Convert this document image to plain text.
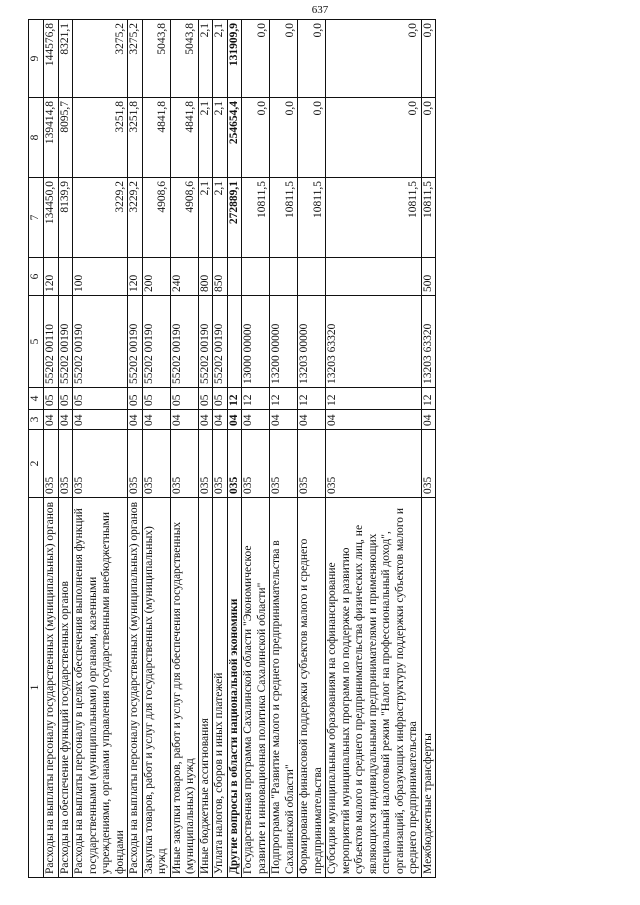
637
1	2	3	4	5	6	7	8	9
Расходы на выплаты персоналу государственных (муниципальных) органов	035	04	05	55202 00110	120	134450,0	139414,8	144576,8
Расходы на обеспечение функций государственных органов	035	04	05	55202 00190		8139,9	8095,7	8321,1
Расходы на выплаты персоналу в целях обеспечения выполнения функций государственными (муниципальными) органами, казенными учреждениями, органами управления государственными внебюджетными фондами	035	04	05	55202 00190	100	3229,2	3251,8	3275,2
Расходы на выплаты персоналу государственных (муниципальных) органов	035	04	05	55202 00190	120	3229,2	3251,8	3275,2
Закупка товаров, работ и услуг для государственных (муниципальных) нужд	035	04	05	55202 00190	200	4908,6	4841,8	5043,8
Иные закупки товаров, работ и услуг для обеспечения государственных (муниципальных) нужд	035	04	05	55202 00190	240	4908,6	4841,8	5043,8
Иные бюджетные ассигнования	035	04	05	55202 00190	800	2,1	2,1	2,1
Уплата налогов, сборов и иных платежей	035	04	05	55202 00190	850	2,1	2,1	2,1
Другие вопросы в области национальной экономики	035	04	12			272889,1	254654,4	131909,9
Государственная программа Сахалинской области "Экономическое развитие и инновационная политика Сахалинской области"	035	04	12	13000 00000		10811,5	0,0	0,0
Подпрограмма "Развитие малого и среднего предпринимательства в Сахалинской области"	035	04	12	13200 00000		10811,5	0,0	0,0
Формирование финансовой поддержки субъектов малого и среднего предпринимательства	035	04	12	13203 00000		10811,5	0,0	0,0
Субсидия муниципальным образованиям на софинансирование мероприятий муниципальных программ по поддержке и развитию субъектов малого и среднего предпринимательства физических лиц, не являющихся индивидуальными предпринимателями и применяющих специальный налоговый режим "Налог на профессиональный доход", организаций, образующих инфраструктуру поддержки субъектов малого и среднего предпринимательства	035	04	12	13203 63320		10811,5	0,0	0,0
Межбюджетные трансферты	035	04	12	13203 63320	500	10811,5	0,0	0,0
